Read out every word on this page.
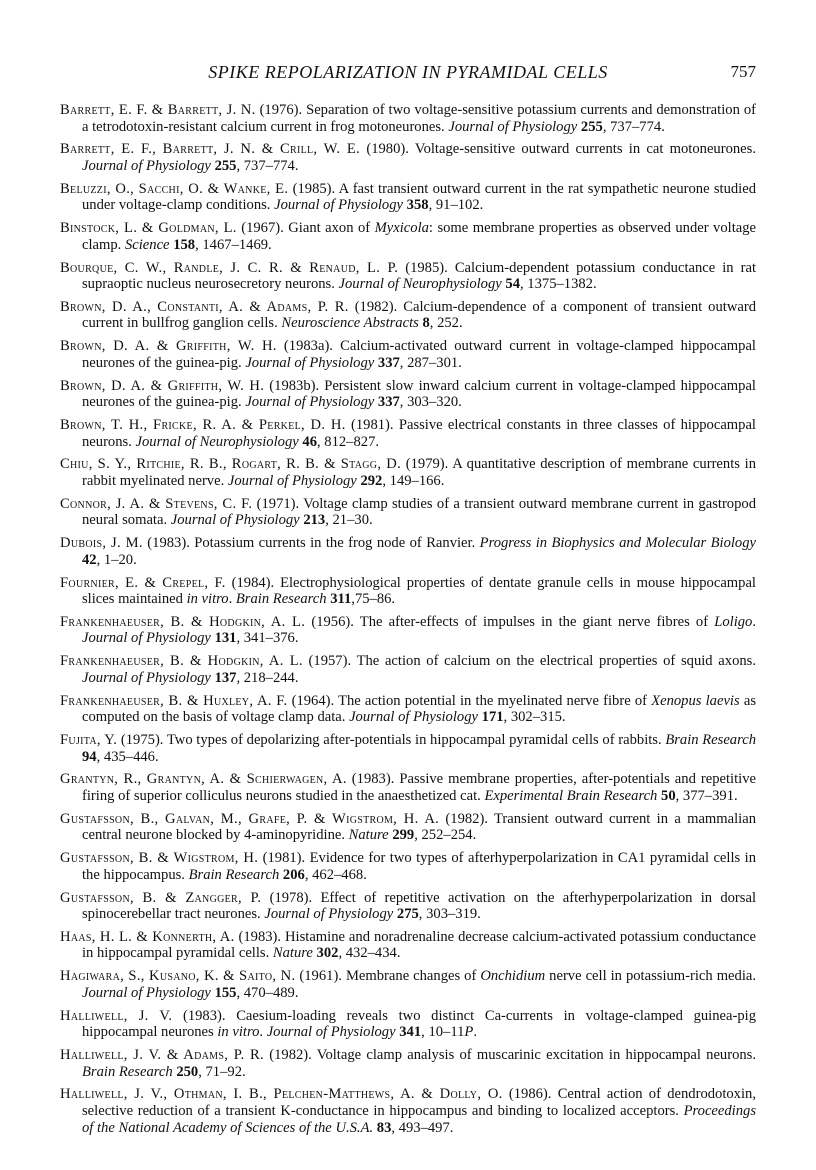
SPIKE REPOLARIZATION IN PYRAMIDAL CELLS	757
Barrett, E. F. & Barrett, J. N. (1976). Separation of two voltage-sensitive potassium currents and demonstration of a tetrodotoxin-resistant calcium current in frog motoneurones. Journal of Physiology 255, 737–774.
Barrett, E. F., Barrett, J. N. & Crill, W. E. (1980). Voltage-sensitive outward currents in cat motoneurones. Journal of Physiology 255, 737–774.
Beluzzi, O., Sacchi, O. & Wanke, E. (1985). A fast transient outward current in the rat sympathetic neurone studied under voltage-clamp conditions. Journal of Physiology 358, 91–102.
Binstock, L. & Goldman, L. (1967). Giant axon of Myxicola: some membrane properties as observed under voltage clamp. Science 158, 1467–1469.
Bourque, C. W., Randle, J. C. R. & Renaud, L. P. (1985). Calcium-dependent potassium conductance in rat supraoptic nucleus neurosecretory neurons. Journal of Neurophysiology 54, 1375–1382.
Brown, D. A., Constanti, A. & Adams, P. R. (1982). Calcium-dependence of a component of transient outward current in bullfrog ganglion cells. Neuroscience Abstracts 8, 252.
Brown, D. A. & Griffith, W. H. (1983a). Calcium-activated outward current in voltage-clamped hippocampal neurones of the guinea-pig. Journal of Physiology 337, 287–301.
Brown, D. A. & Griffith, W. H. (1983b). Persistent slow inward calcium current in voltage-clamped hippocampal neurones of the guinea-pig. Journal of Physiology 337, 303–320.
Brown, T. H., Fricke, R. A. & Perkel, D. H. (1981). Passive electrical constants in three classes of hippocampal neurons. Journal of Neurophysiology 46, 812–827.
Chiu, S. Y., Ritchie, R. B., Rogart, R. B. & Stagg, D. (1979). A quantitative description of membrane currents in rabbit myelinated nerve. Journal of Physiology 292, 149–166.
Connor, J. A. & Stevens, C. F. (1971). Voltage clamp studies of a transient outward membrane current in gastropod neural somata. Journal of Physiology 213, 21–30.
Dubois, J. M. (1983). Potassium currents in the frog node of Ranvier. Progress in Biophysics and Molecular Biology 42, 1–20.
Fournier, E. & Crepel, F. (1984). Electrophysiological properties of dentate granule cells in mouse hippocampal slices maintained in vitro. Brain Research 311,75–86.
Frankenhaeuser, B. & Hodgkin, A. L. (1956). The after-effects of impulses in the giant nerve fibres of Loligo. Journal of Physiology 131, 341–376.
Frankenhaeuser, B. & Hodgkin, A. L. (1957). The action of calcium on the electrical properties of squid axons. Journal of Physiology 137, 218–244.
Frankenhaeuser, B. & Huxley, A. F. (1964). The action potential in the myelinated nerve fibre of Xenopus laevis as computed on the basis of voltage clamp data. Journal of Physiology 171, 302–315.
Fujita, Y. (1975). Two types of depolarizing after-potentials in hippocampal pyramidal cells of rabbits. Brain Research 94, 435–446.
Grantyn, R., Grantyn, A. & Schierwagen, A. (1983). Passive membrane properties, after-potentials and repetitive firing of superior colliculus neurons studied in the anaesthetized cat. Experimental Brain Research 50, 377–391.
Gustafsson, B., Galvan, M., Grafe, P. & Wigstrom, H. A. (1982). Transient outward current in a mammalian central neurone blocked by 4-aminopyridine. Nature 299, 252–254.
Gustafsson, B. & Wigstrom, H. (1981). Evidence for two types of afterhyperpolarization in CA1 pyramidal cells in the hippocampus. Brain Research 206, 462–468.
Gustafsson, B. & Zangger, P. (1978). Effect of repetitive activation on the afterhyperpolarization in dorsal spinocerebellar tract neurones. Journal of Physiology 275, 303–319.
Haas, H. L. & Konnerth, A. (1983). Histamine and noradrenaline decrease calcium-activated potassium conductance in hippocampal pyramidal cells. Nature 302, 432–434.
Hagiwara, S., Kusano, K. & Saito, N. (1961). Membrane changes of Onchidium nerve cell in potassium-rich media. Journal of Physiology 155, 470–489.
Halliwell, J. V. (1983). Caesium-loading reveals two distinct Ca-currents in voltage-clamped guinea-pig hippocampal neurones in vitro. Journal of Physiology 341, 10–11P.
Halliwell, J. V. & Adams, P. R. (1982). Voltage clamp analysis of muscarinic excitation in hippocampal neurons. Brain Research 250, 71–92.
Halliwell, J. V., Othman, I. B., Pelchen-Matthews, A. & Dolly, O. (1986). Central action of dendrodotoxin, selective reduction of a transient K-conductance in hippocampus and binding to localized acceptors. Proceedings of the National Academy of Sciences of the U.S.A. 83, 493–497.
